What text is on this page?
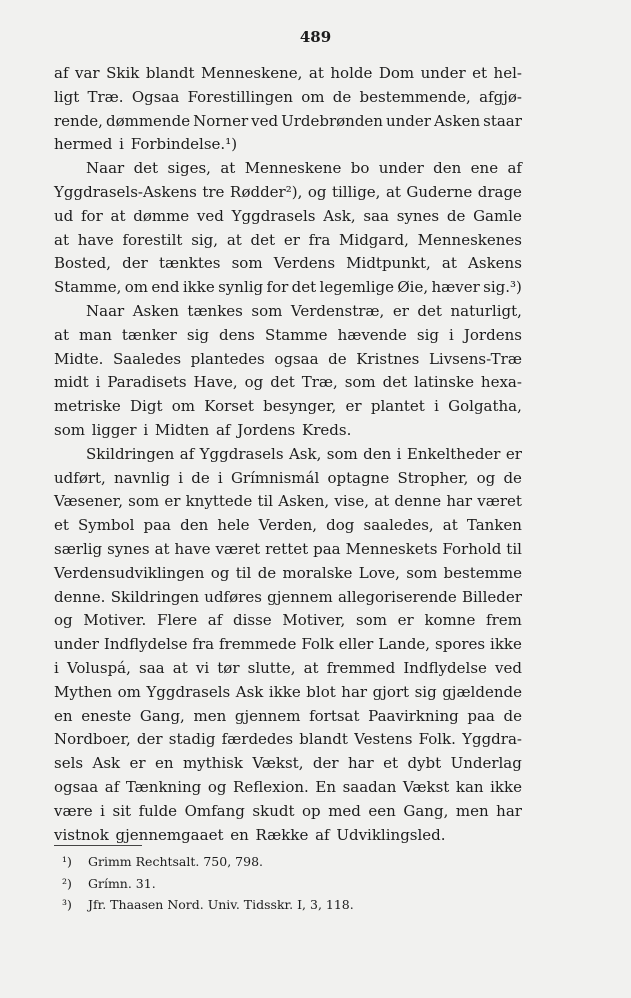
489
af var Skik blandt Menneskene, at holde Dom under et hel-
ligt Træ. Ogsaa Forestillingen om de bestemmende, afgjø-
rende, dømmende Norner ved Urdebrønden under Asken staar
hermed i Forbindelse.¹)
Naar det siges, at Menneskene bo under den ene af
Yggdrasels-Askens tre Rødder²), og tillige, at Guderne drage
ud for at dømme ved Yggdrasels Ask, saa synes de Gamle
at have forestilt sig, at det er fra Midgard, Menneskenes
Bosted, der tænktes som Verdens Midtpunkt, at Askens
Stamme, om end ikke synlig for det legemlige Øie, hæver sig.³)
Naar Asken tænkes som Verdenstræ, er det naturligt,
at man tænker sig dens Stamme hævende sig i Jordens
Midte. Saaledes plantedes ogsaa de Kristnes Livsens-Træ
midt i Paradisets Have, og det Træ, som det latinske hexa-
metriske Digt om Korset besynger, er plantet i Golgatha,
som ligger i Midten af Jordens Kreds.
Skildringen af Yggdrasels Ask, som den i Enkeltheder er
udført, navnlig i de i Grímnismál optagne Stropher, og de
Væsener, som er knyttede til Asken, vise, at denne har været
et Symbol paa den hele Verden, dog saaledes, at Tanken
særlig synes at have været rettet paa Menneskets Forhold til
Verdensudviklingen og til de moralske Love, som bestemme
denne. Skildringen udføres gjennem allegoriserende Billeder
og Motiver. Flere af disse Motiver, som er komne frem
under Indflydelse fra fremmede Folk eller Lande, spores ikke
i Voluspá, saa at vi tør slutte, at fremmed Indflydelse ved
Mythen om Yggdrasels Ask ikke blot har gjort sig gjældende
en eneste Gang, men gjennem fortsat Paavirkning paa de
Nordboer, der stadig færdedes blandt Vestens Folk. Yggdra-
sels Ask er en mythisk Vækst, der har et dybt Underlag
ogsaa af Tænkning og Reflexion. En saadan Vækst kan ikke
være i sit fulde Omfang skudt op med een Gang, men har
vistnok gjennemgaaet en Række af Udviklingsled.
¹) Grimm Rechtsalt. 750, 798.
²) Grímn. 31.
³) Jfr. Thaasen Nord. Univ. Tidsskr. I, 3, 118.
